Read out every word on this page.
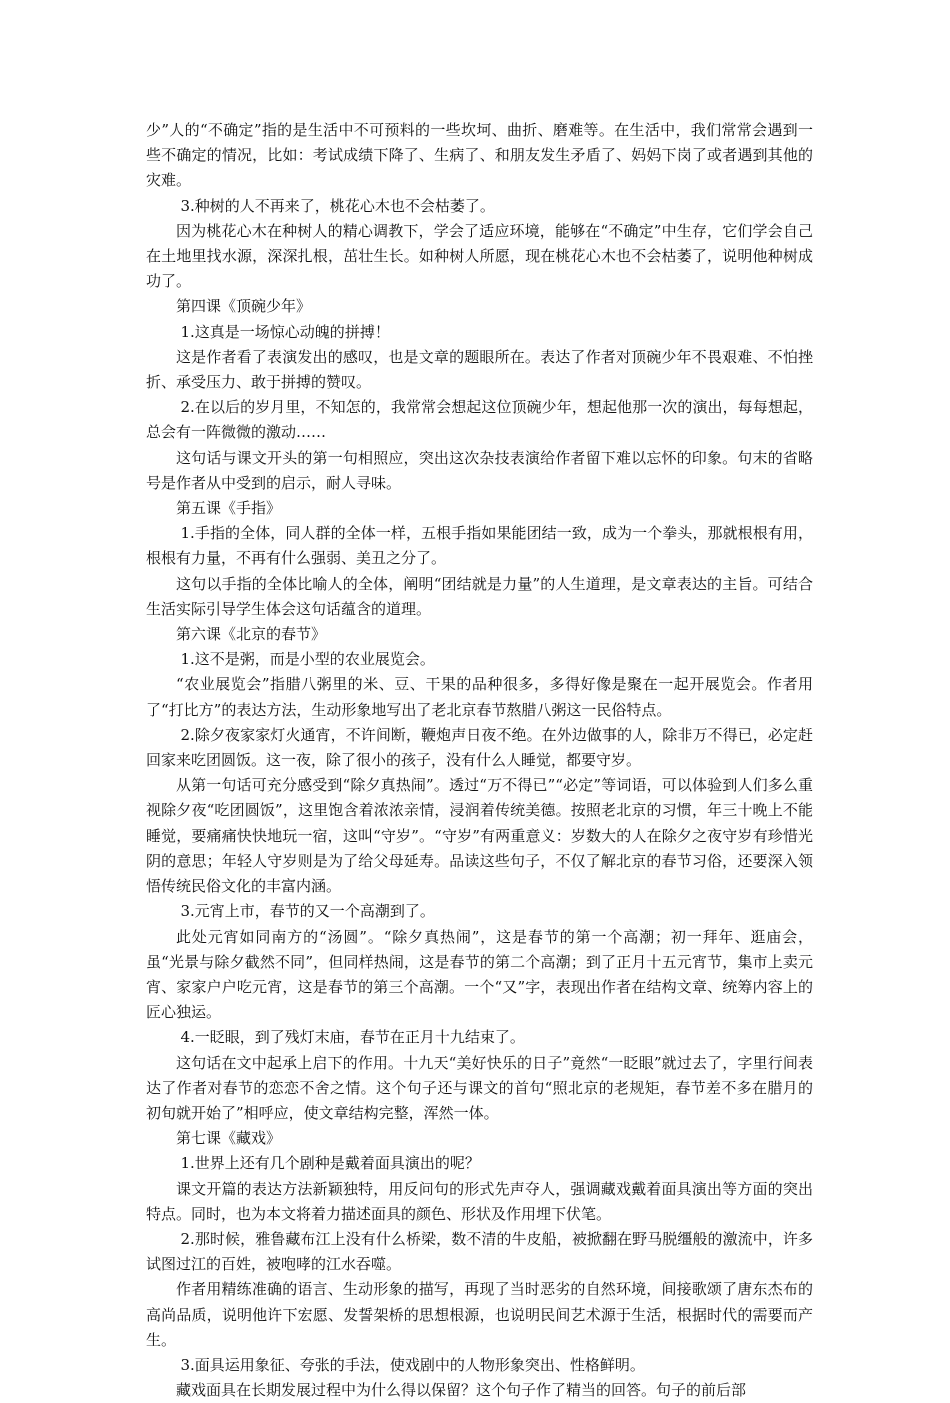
少”人的“不确定”指的是生活中不可预料的一些坎坷、曲折、磨难等。在生活中，我们常常会遇到一些不确定的情况，比如：考试成绩下降了、生病了、和朋友发生矛盾了、妈妈下岗了或者遇到其他的灾难。

3.种树的人不再来了，桃花心木也不会枯萎了。

因为桃花心木在种树人的精心调教下，学会了适应环境，能够在“不确定”中生存，它们学会自己在土地里找水源，深深扎根，茁壮生长。如种树人所愿，现在桃花心木也不会枯萎了，说明他种树成功了。

第四课《顶碗少年》

1.这真是一场惊心动魄的拼搏！

这是作者看了表演发出的感叹，也是文章的题眼所在。表达了作者对顶碗少年不畏艰难、不怕挫折、承受压力、敢于拼搏的赞叹。

2.在以后的岁月里，不知怎的，我常常会想起这位顶碗少年，想起他那一次的演出，每每想起，总会有一阵微微的激动……

这句话与课文开头的第一句相照应，突出这次杂技表演给作者留下难以忘怀的印象。句末的省略号是作者从中受到的启示，耐人寻味。

第五课《手指》

1.手指的全体，同人群的全体一样，五根手指如果能团结一致，成为一个拳头，那就根根有用，根根有力量，不再有什么强弱、美丑之分了。

这句以手指的全体比喻人的全体，阐明“团结就是力量”的人生道理，是文章表达的主旨。可结合生活实际引导学生体会这句话蕴含的道理。

第六课《北京的春节》

1.这不是粥，而是小型的农业展览会。

“农业展览会”指腊八粥里的米、豆、干果的品种很多，多得好像是聚在一起开展览会。作者用了“打比方”的表达方法，生动形象地写出了老北京春节熬腊八粥这一民俗特点。

2.除夕夜家家灯火通宵，不许间断，鞭炮声日夜不绝。在外边做事的人，除非万不得已，必定赶回家来吃团圆饭。这一夜，除了很小的孩子，没有什么人睡觉，都要守岁。

从第一句话可充分感受到“除夕真热闹”。透过“万不得已”“必定”等词语，可以体验到人们多么重视除夕夜“吃团圆饭”，这里饱含着浓浓亲情，浸润着传统美德。按照老北京的习惯，年三十晚上不能睡觉，要痛痛快快地玩一宿，这叫“守岁”。“守岁”有两重意义：岁数大的人在除夕之夜守岁有珍惜光阴的意思；年轻人守岁则是为了给父母延寿。品读这些句子，不仅了解北京的春节习俗，还要深入领悟传统民俗文化的丰富内涵。

3.元宵上市，春节的又一个高潮到了。

此处元宵如同南方的“汤圆”。“除夕真热闹”，这是春节的第一个高潮；初一拜年、逛庙会，虽“光景与除夕截然不同”，但同样热闹，这是春节的第二个高潮；到了正月十五元宵节，集市上卖元宵、家家户户吃元宵，这是春节的第三个高潮。一个“又”字，表现出作者在结构文章、统筹内容上的匠心独运。

4.一眨眼，到了残灯末庙，春节在正月十九结束了。

这句话在文中起承上启下的作用。十九天“美好快乐的日子”竟然“一眨眼”就过去了，字里行间表达了作者对春节的恋恋不舍之情。这个句子还与课文的首句“照北京的老规矩，春节差不多在腊月的初旬就开始了”相呼应，使文章结构完整，浑然一体。

第七课《藏戏》

1.世界上还有几个剧种是戴着面具演出的呢？

课文开篇的表达方法新颖独特，用反问句的形式先声夺人，强调藏戏戴着面具演出等方面的突出特点。同时，也为本文将着力描述面具的颜色、形状及作用埋下伏笔。

2.那时候，雅鲁藏布江上没有什么桥梁，数不清的牛皮船，被掀翻在野马脱缰般的激流中，许多试图过江的百姓，被咆哮的江水吞噬。

作者用精练准确的语言、生动形象的描写，再现了当时恶劣的自然环境，间接歌颂了唐东杰布的高尚品质，说明他许下宏愿、发誓架桥的思想根源，也说明民间艺术源于生活，根据时代的需要而产生。

3.面具运用象征、夸张的手法，使戏剧中的人物形象突出、性格鲜明。

藏戏面具在长期发展过程中为什么得以保留？这个句子作了精当的回答。句子的前后部
